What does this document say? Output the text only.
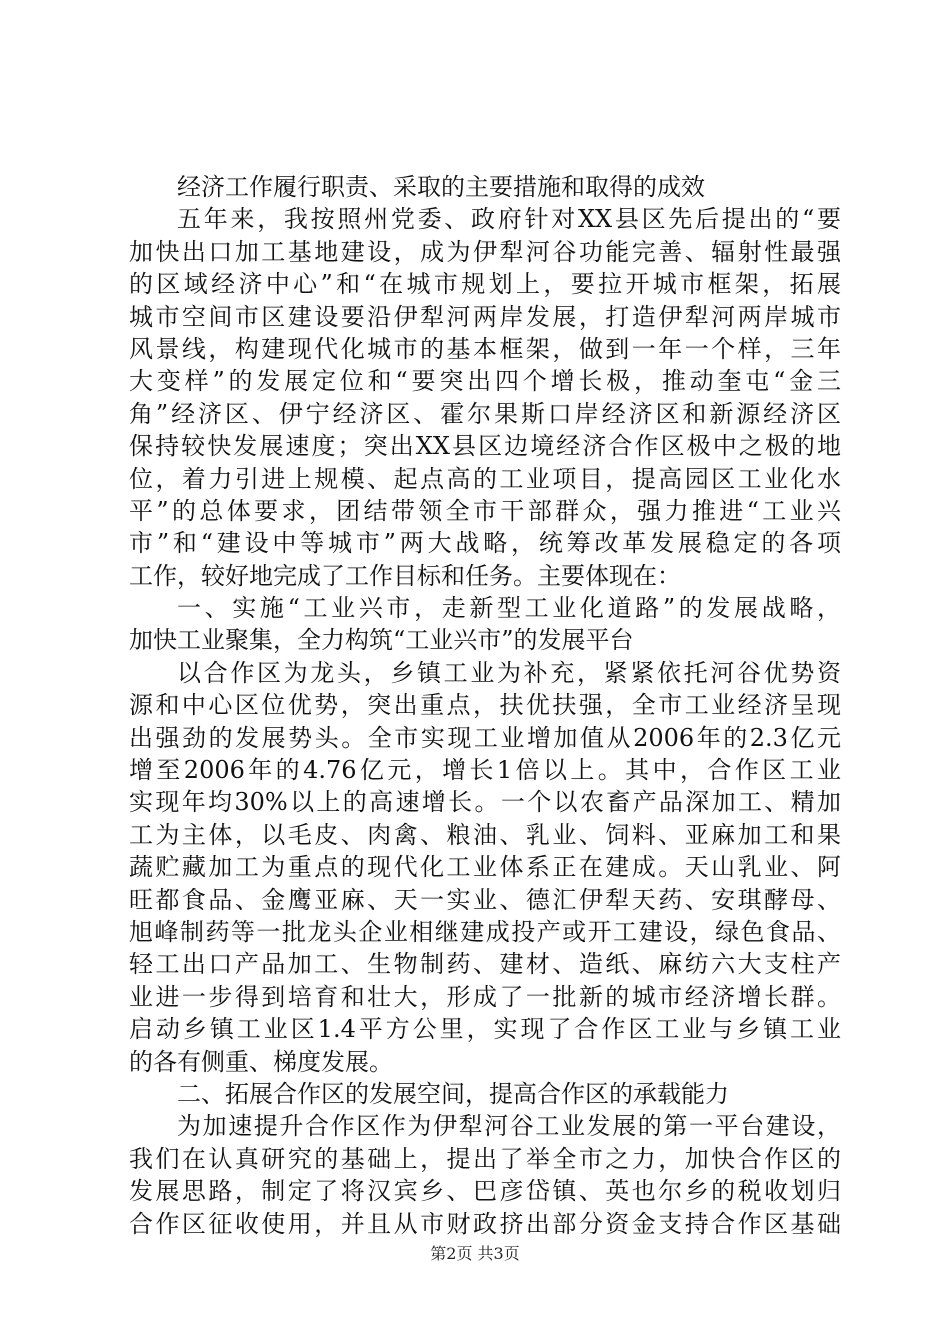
经济工作履行职责、采取的主要措施和取得的成效
五年来，我按照州党委、政府针对XX县区先后提出的“要
加快出口加工基地建设，成为伊犁河谷功能完善、辐射性最强
的区域经济中心”和“在城市规划上，要拉开城市框架，拓展
城市空间市区建设要沿伊犁河两岸发展，打造伊犁河两岸城市
风景线，构建现代化城市的基本框架，做到一年一个样，三年
大变样”的发展定位和“要突出四个增长极，推动奎屯“金三
角”经济区、伊宁经济区、霍尔果斯口岸经济区和新源经济区
保持较快发展速度；突出XX县区边境经济合作区极中之极的地
位，着力引进上规模、起点高的工业项目，提高园区工业化水
平”的总体要求，团结带领全市干部群众，强力推进“工业兴
市”和“建设中等城市”两大战略，统筹改革发展稳定的各项
工作，较好地完成了工作目标和任务。主要体现在：
一、实施“工业兴市，走新型工业化道路”的发展战略，
加快工业聚集，全力构筑“工业兴市”的发展平台
以合作区为龙头，乡镇工业为补充，紧紧依托河谷优势资
源和中心区位优势，突出重点，扶优扶强，全市工业经济呈现
出强劲的发展势头。全市实现工业增加值从2006年的2.3亿元
增至2006年的4.76亿元，增长1倍以上。其中，合作区工业
实现年均30%以上的高速增长。一个以农畜产品深加工、精加
工为主体，以毛皮、肉禽、粮油、乳业、饲料、亚麻加工和果
蔬贮藏加工为重点的现代化工业体系正在建成。天山乳业、阿
旺都食品、金鹰亚麻、天一实业、德汇伊犁天药、安琪酵母、
旭峰制药等一批龙头企业相继建成投产或开工建设，绿色食品、
轻工出口产品加工、生物制药、建材、造纸、麻纺六大支柱产
业进一步得到培育和壮大，形成了一批新的城市经济增长群。
启动乡镇工业区1.4平方公里，实现了合作区工业与乡镇工业
的各有侧重、梯度发展。
二、拓展合作区的发展空间，提高合作区的承载能力
为加速提升合作区作为伊犁河谷工业发展的第一平台建设，
我们在认真研究的基础上，提出了举全市之力，加快合作区的
发展思路，制定了将汉宾乡、巴彦岱镇、英也尔乡的税收划归
合作区征收使用，并且从市财政挤出部分资金支持合作区基础
第2页 共3页
